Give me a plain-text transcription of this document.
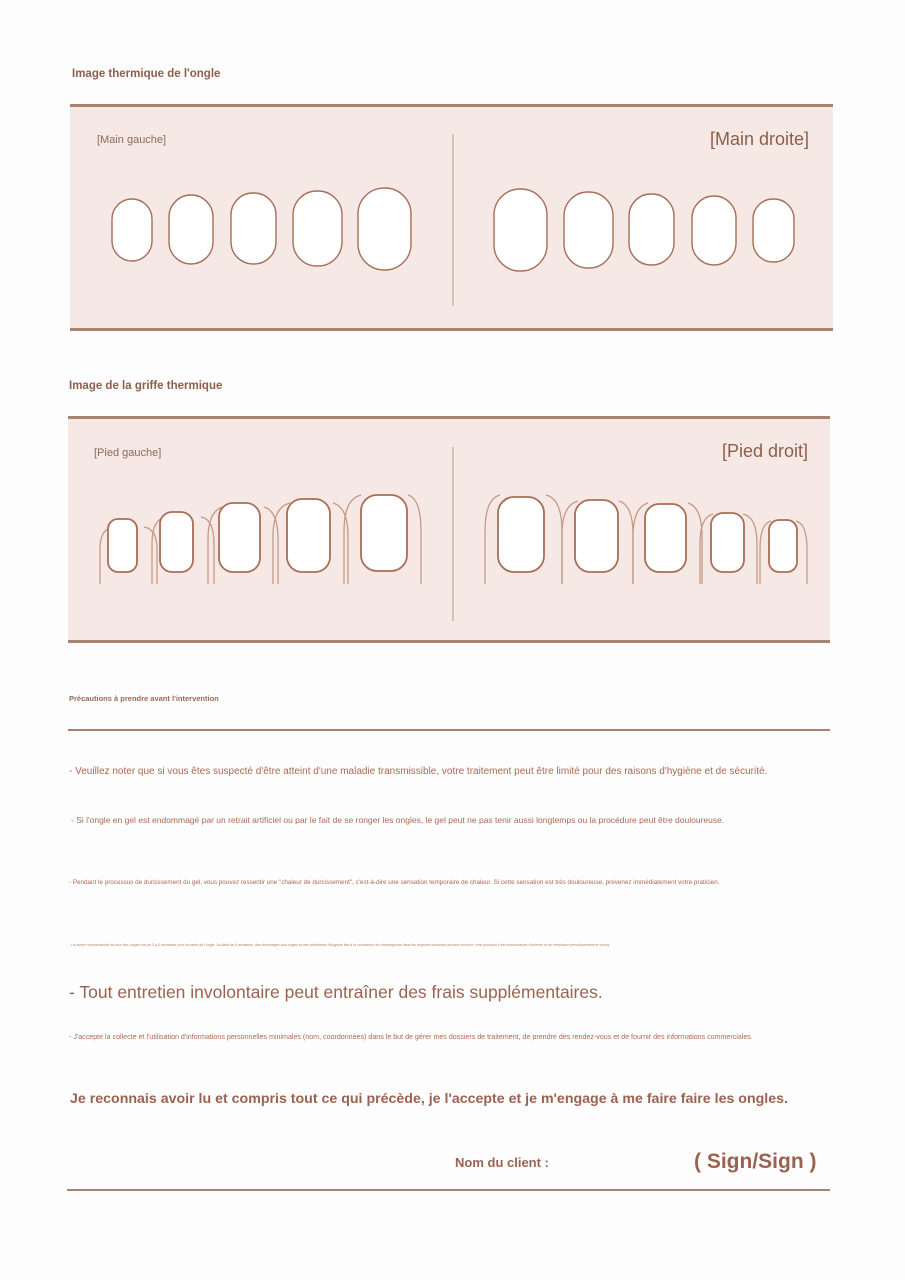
Image thermique de l'ongle
[Main gauche]	[Main droite]
Image de la griffe thermique
[Pied gauche]	[Pied droit]
Précautions à prendre avant l'intervention
- Veuillez noter que si vous êtes suspecté d'être atteint d'une maladie transmissible, votre traitement peut être limité pour des raisons d'hygiène et de sécurité.
- Si l'ongle en gel est endommagé par un retrait artificiel ou par le fait de se ronger les ongles, le gel peut ne pas tenir aussi longtemps ou la procédure peut être douloureuse.
- Pendant le processus de durcissement du gel, vous pouvez ressentir une "chaleur de durcissement", c'est-à-dire une sensation temporaire de chaleur. Si cette sensation est très douloureuse, prévenez immédiatement votre praticien.
- La durée recommandée du soin des ongles est de 3 à 4 semaines pour la santé de l'ongle. Au-delà de 6 semaines, des dommages aux ongles et des problèmes d'hygiène liés à la croissance de champignons dans les espaces soulevés peuvent survenir, c'est pourquoi il est recommandé d'enlever et de remplacer périodiquement le vernis.
- Tout entretien involontaire peut entraîner des frais supplémentaires.
- J'accepte la collecte et l'utilisation d'informations personnelles minimales (nom, coordonnées) dans le but de gérer mes dossiers de traitement, de prendre des rendez-vous et de fournir des informations commerciales.
Je reconnais avoir lu et compris tout ce qui précède, je l'accepte et je m'engage à me faire faire les ongles.
Nom du client :	( Sign/Sign )
